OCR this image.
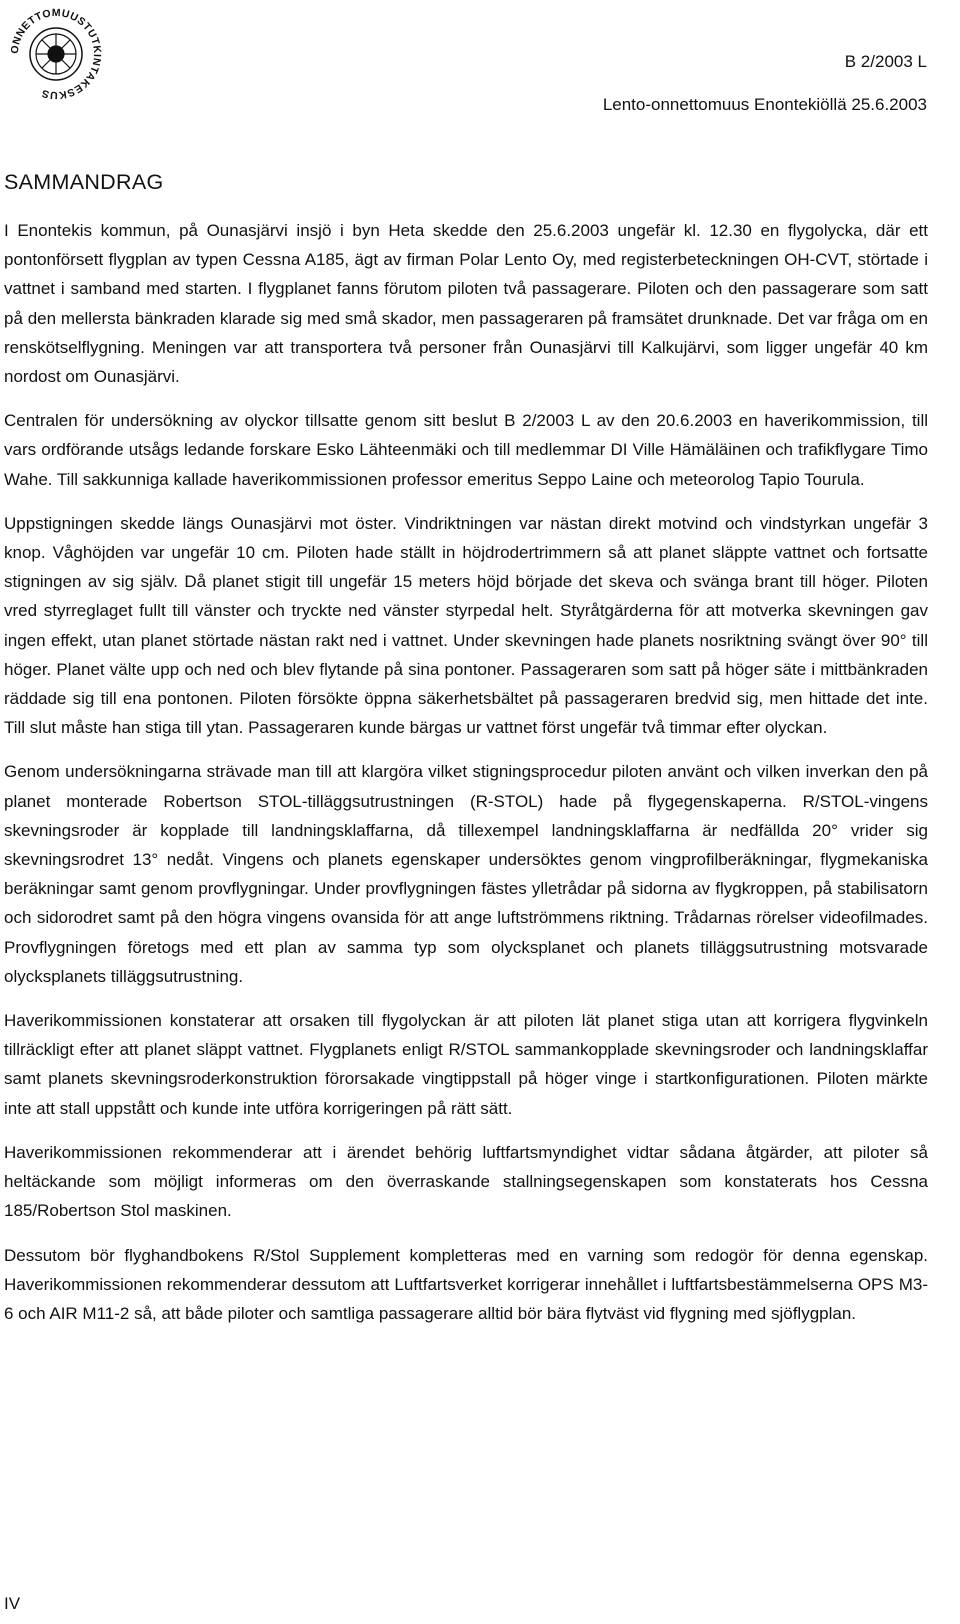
ONNETTOMUUSTUTKINTAKESKUS
B 2/2003 L
Lento-onnettomuus Enontekiöllä 25.6.2003
SAMMANDRAG

I Enontekis kommun, på Ounasjärvi insjö i byn Heta skedde den 25.6.2003 ungefär kl. 12.30 en flygolycka, där ett pontonförsett flygplan av typen Cessna A185, ägt av firman Polar Lento Oy, med registerbeteckningen OH-CVT, störtade i vattnet i samband med starten. I flygplanet fanns förutom piloten två passagerare. Piloten och den passagerare som satt på den mellersta bänkraden klarade sig med små skador, men passageraren på framsätet drunknade. Det var fråga om en renskötselflygning. Meningen var att transportera två personer från Ounasjärvi till Kalkujärvi, som ligger ungefär 40 km nordost om Ounasjärvi.

Centralen för undersökning av olyckor tillsatte genom sitt beslut B 2/2003 L av den 20.6.2003 en haverikommission, till vars ordförande utsågs ledande forskare Esko Lähteenmäki och till medlemmar DI Ville Hämäläinen och trafikflygare Timo Wahe. Till sakkunniga kallade haverikommissionen professor emeritus Seppo Laine och meteorolog Tapio Tourula.

Uppstigningen skedde längs Ounasjärvi mot öster. Vindriktningen var nästan direkt motvind och vindstyrkan ungefär 3 knop. Våghöjden var ungefär 10 cm. Piloten hade ställt in höjdrodertrimmern så att planet släppte vattnet och fortsatte stigningen av sig själv. Då planet stigit till ungefär 15 meters höjd började det skeva och svänga brant till höger. Piloten vred styrreglaget fullt till vänster och tryckte ned vänster styrpedal helt. Styråtgärderna för att motverka skevningen gav ingen effekt, utan planet störtade nästan rakt ned i vattnet. Under skevningen hade planets nosriktning svängt över 90° till höger. Planet välte upp och ned och blev flytande på sina pontoner. Passageraren som satt på höger säte i mittbänkraden räddade sig till ena pontonen. Piloten försökte öppna säkerhetsbältet på passageraren bredvid sig, men hittade det inte. Till slut måste han stiga till ytan. Passageraren kunde bärgas ur vattnet först ungefär två timmar efter olyckan.

Genom undersökningarna strävade man till att klargöra vilket stigningsprocedur piloten använt och vilken inverkan den på planet monterade Robertson STOL-tilläggsutrustningen (R-STOL) hade på flygegenskaperna. R/STOL-vingens skevningsroder är kopplade till landningsklaffarna, då tillexempel landningsklaffarna är nedfällda 20° vrider sig skevningsrodret 13° nedåt. Vingens och planets egenskaper undersöktes genom vingprofilberäkningar, flygmekaniska beräkningar samt genom provflygningar. Under provflygningen fästes ylletrådar på sidorna av flygkroppen, på stabilisatorn och sidorodret samt på den högra vingens ovansida för att ange luftströmmens riktning. Trådarnas rörelser videofilmades. Provflygningen företogs med ett plan av samma typ som olycksplanet och planets tilläggsutrustning motsvarade olycksplanets tilläggsutrustning.

Haverikommissionen konstaterar att orsaken till flygolyckan är att piloten lät planet stiga utan att korrigera flygvinkeln tillräckligt efter att planet släppt vattnet. Flygplanets enligt R/STOL sammankopplade skevningsroder och landningsklaffar samt planets skevningsroderkonstruktion förorsakade vingtippstall på höger vinge i startkonfigurationen. Piloten märkte inte att stall uppstått och kunde inte utföra korrigeringen på rätt sätt.

Haverikommissionen rekommenderar att i ärendet behörig luftfartsmyndighet vidtar sådana åtgärder, att piloter så heltäckande som möjligt informeras om den överraskande stallningsegenskapen som konstaterats hos Cessna 185/Robertson Stol maskinen.

Dessutom bör flyghandbokens R/Stol Supplement kompletteras med en varning som redogör för denna egenskap. Haverikommissionen rekommenderar dessutom att Luftfartsverket korrigerar innehållet i luftfartsbestämmelserna OPS M3-6 och AIR M11-2 så, att både piloter och samtliga passagerare alltid bör bära flytväst vid flygning med sjöflygplan.

IV
